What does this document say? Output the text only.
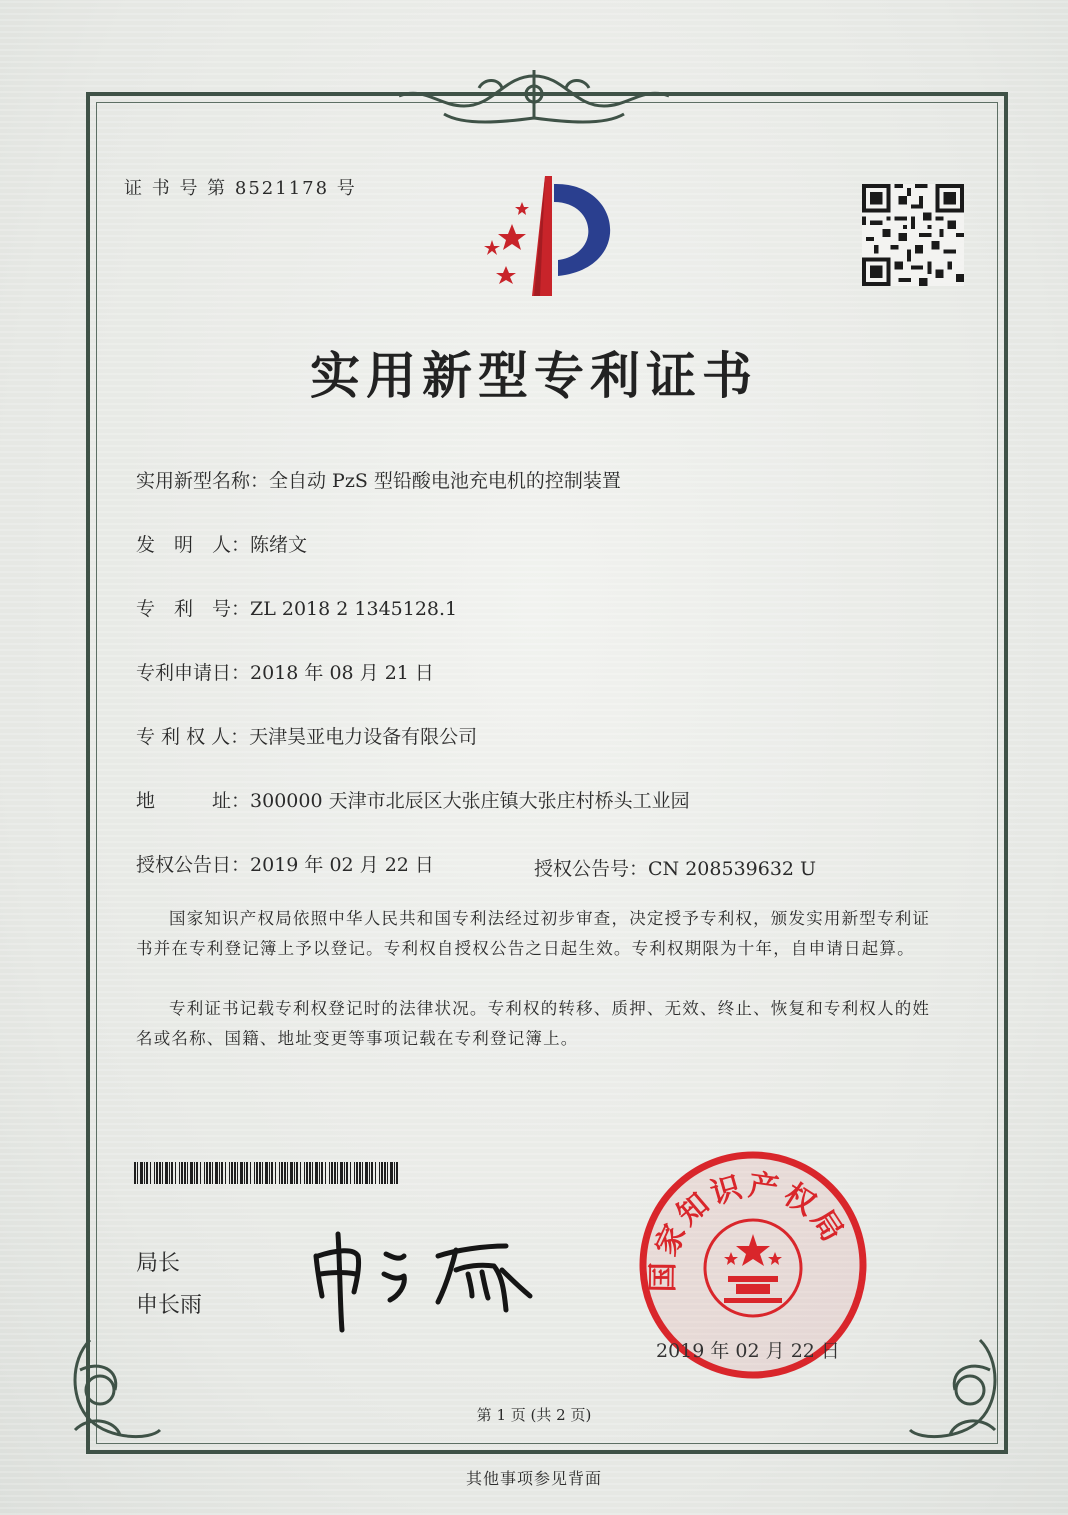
证 书 号 第 8521178 号
实用新型专利证书
实用新型名称：全自动 PzS 型铅酸电池充电机的控制装置
发　明　人：陈绪文
专　利　号：ZL 2018 2 1345128.1
专利申请日：2018 年 08 月 21 日
专 利 权 人：天津昊亚电力设备有限公司
地　　　址：300000 天津市北辰区大张庄镇大张庄村桥头工业园
授权公告日：2019 年 02 月 22 日	授权公告号：CN 208539632 U
国家知识产权局依照中华人民共和国专利法经过初步审查，决定授予专利权，颁发实用新型专利证书并在专利登记簿上予以登记。专利权自授权公告之日起生效。专利权期限为十年，自申请日起算。
专利证书记载专利权登记时的法律状况。专利权的转移、质押、无效、终止、恢复和专利权人的姓名或名称、国籍、地址变更等事项记载在专利登记簿上。
局长
申长雨
国家知识产权局
2019 年 02 月 22 日
第 1 页 (共 2 页)
其他事项参见背面
